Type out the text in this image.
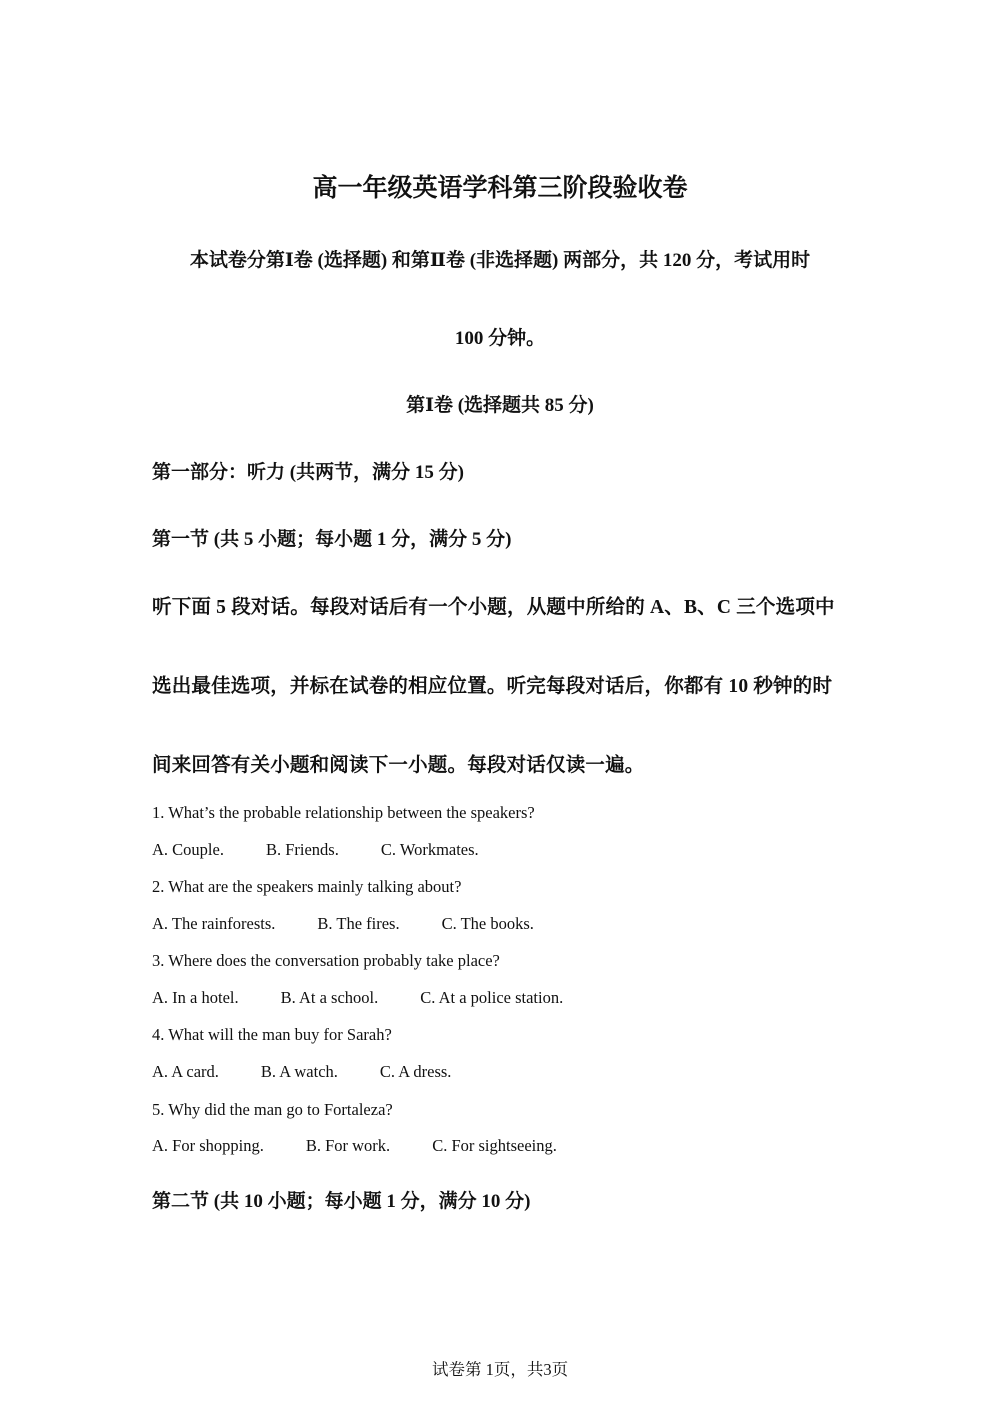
高一年级英语学科第三阶段验收卷
本试卷分第Ⅰ卷 (选择题) 和第Ⅱ卷 (非选择题) 两部分，共 120 分，考试用时
100 分钟。
第Ⅰ卷 (选择题共 85 分)
第一部分：听力 (共两节，满分 15 分)
第一节 (共 5 小题；每小题 1 分，满分 5 分)
听下面 5 段对话。每段对话后有一个小题，从题中所给的 A、B、C 三个选项中
选出最佳选项，并标在试卷的相应位置。听完每段对话后，你都有 10 秒钟的时
间来回答有关小题和阅读下一小题。每段对话仅读一遍。
1. What’s the probable relationship between the speakers?
A. Couple.	B. Friends.	C. Workmates.
2. What are the speakers mainly talking about?
A. The rainforests.	B. The fires.	C. The books.
3. Where does the conversation probably take place?
A. In a hotel.	B. At a school.	C. At a police station.
4. What will the man buy for Sarah?
A. A card.	B. A watch.	C. A dress.
5. Why did the man go to Fortaleza?
A. For shopping.	B. For work.	C. For sightseeing.
第二节 (共 10 小题；每小题 1 分，满分 10 分)
试卷第 1页，共3页
